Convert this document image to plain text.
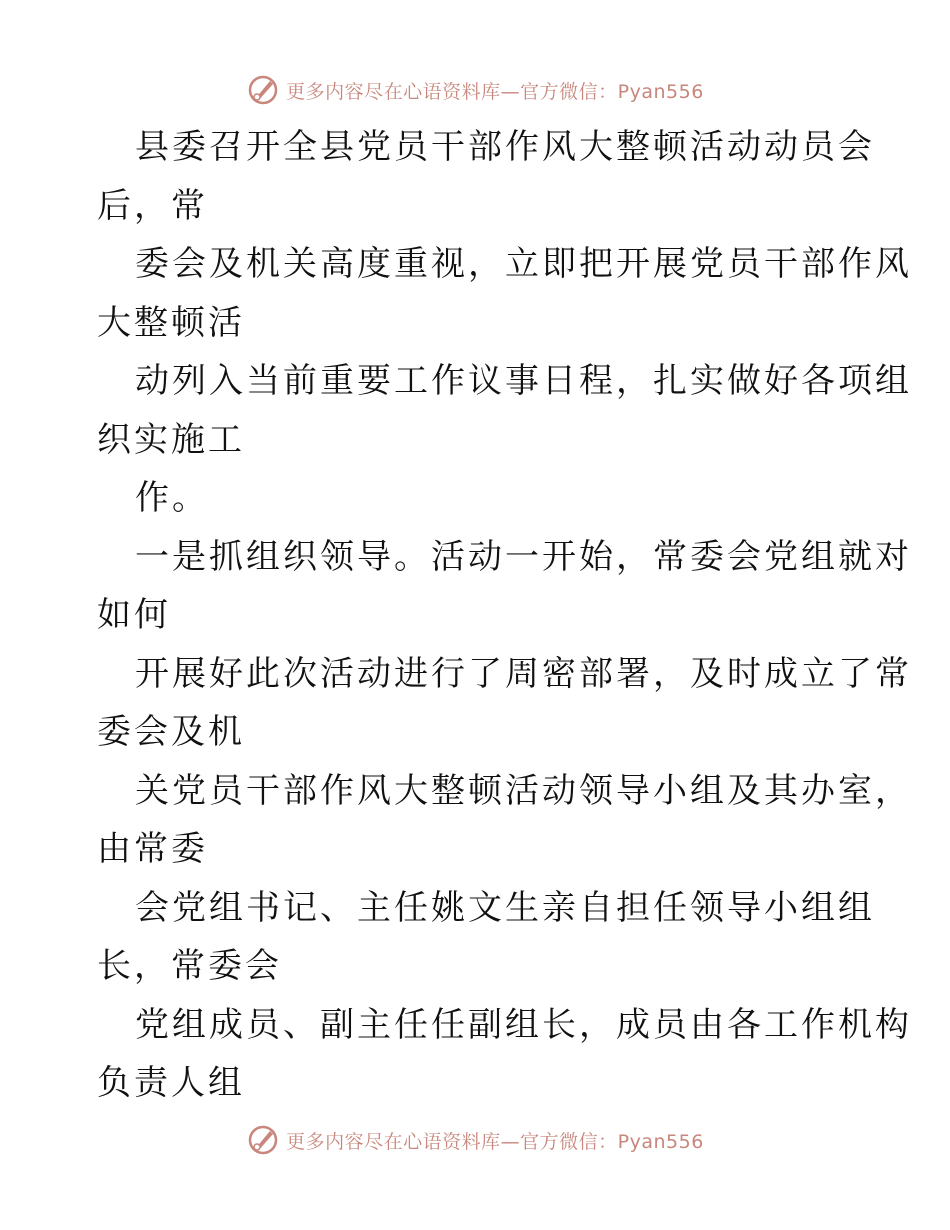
更多内容尽在心语资料库—官方微信：Pyan556
县委召开全县党员干部作风大整顿活动动员会
后，常
委会及机关高度重视，立即把开展党员干部作风
大整顿活
动列入当前重要工作议事日程，扎实做好各项组
织实施工
作。
一是抓组织领导。活动一开始，常委会党组就对
如何
开展好此次活动进行了周密部署，及时成立了常
委会及机
关党员干部作风大整顿活动领导小组及其办室，
由常委
会党组书记、主任姚文生亲自担任领导小组组
长，常委会
党组成员、副主任任副组长，成员由各工作机构
负责人组
更多内容尽在心语资料库—官方微信：Pyan556
